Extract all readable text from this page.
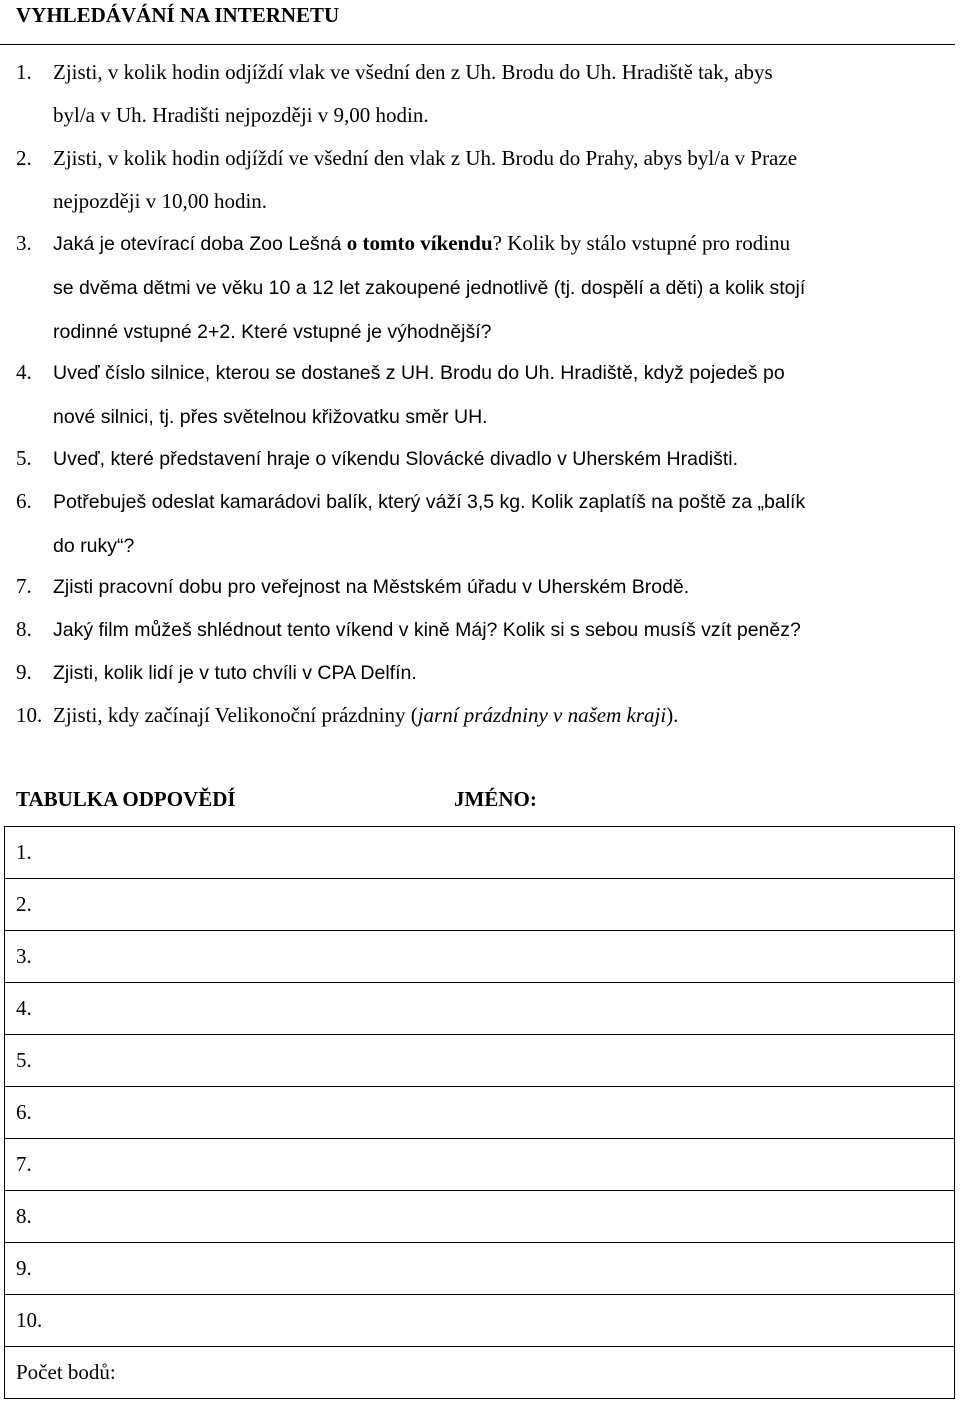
VYHLEDÁVÁNÍ NA INTERNETU
1. Zjisti, v kolik hodin odjíždí vlak ve všední den z Uh. Brodu do Uh. Hradiště tak, abys
byl/a v Uh. Hradišti nejpozději v 9,00 hodin.
2. Zjisti, v kolik hodin odjíždí ve všední den vlak z Uh. Brodu do Prahy, abys byl/a v Praze
nejpozději v 10,00 hodin.
3. Jaká je otevírací doba Zoo Lešná o tomto víkendu? Kolik by stálo vstupné pro rodinu
se dvěma dětmi ve věku 10 a 12 let zakoupené jednotlivě (tj. dospělí a děti) a kolik stojí
rodinné vstupné 2+2. Které vstupné je výhodnější?
4. Uveď číslo silnice, kterou se dostaneš z UH. Brodu do Uh. Hradiště, když pojedeš po
nové silnici, tj. přes světelnou křižovatku směr UH.
5. Uveď, které představení hraje o víkendu Slovácké divadlo v Uherském Hradišti.
6. Potřebuješ odeslat kamarádovi balík, který váží 3,5 kg. Kolik zaplatíš na poště za „balík
do ruky“?
7. Zjisti pracovní dobu pro veřejnost na Městském úřadu v Uherském Brodě.
8. Jaký film můžeš shlédnout tento víkend v kině Máj? Kolik si s sebou musíš vzít peněz?
9. Zjisti, kolik lidí je v tuto chvíli v CPA Delfín.
10. Zjisti, kdy začínají Velikonoční prázdniny (jarní prázdniny v našem kraji).
TABULKA ODPOVĚDÍ	JMÉNO:
1.
2.
3.
4.
5.
6.
7.
8.
9.
10.
Počet bodů:
